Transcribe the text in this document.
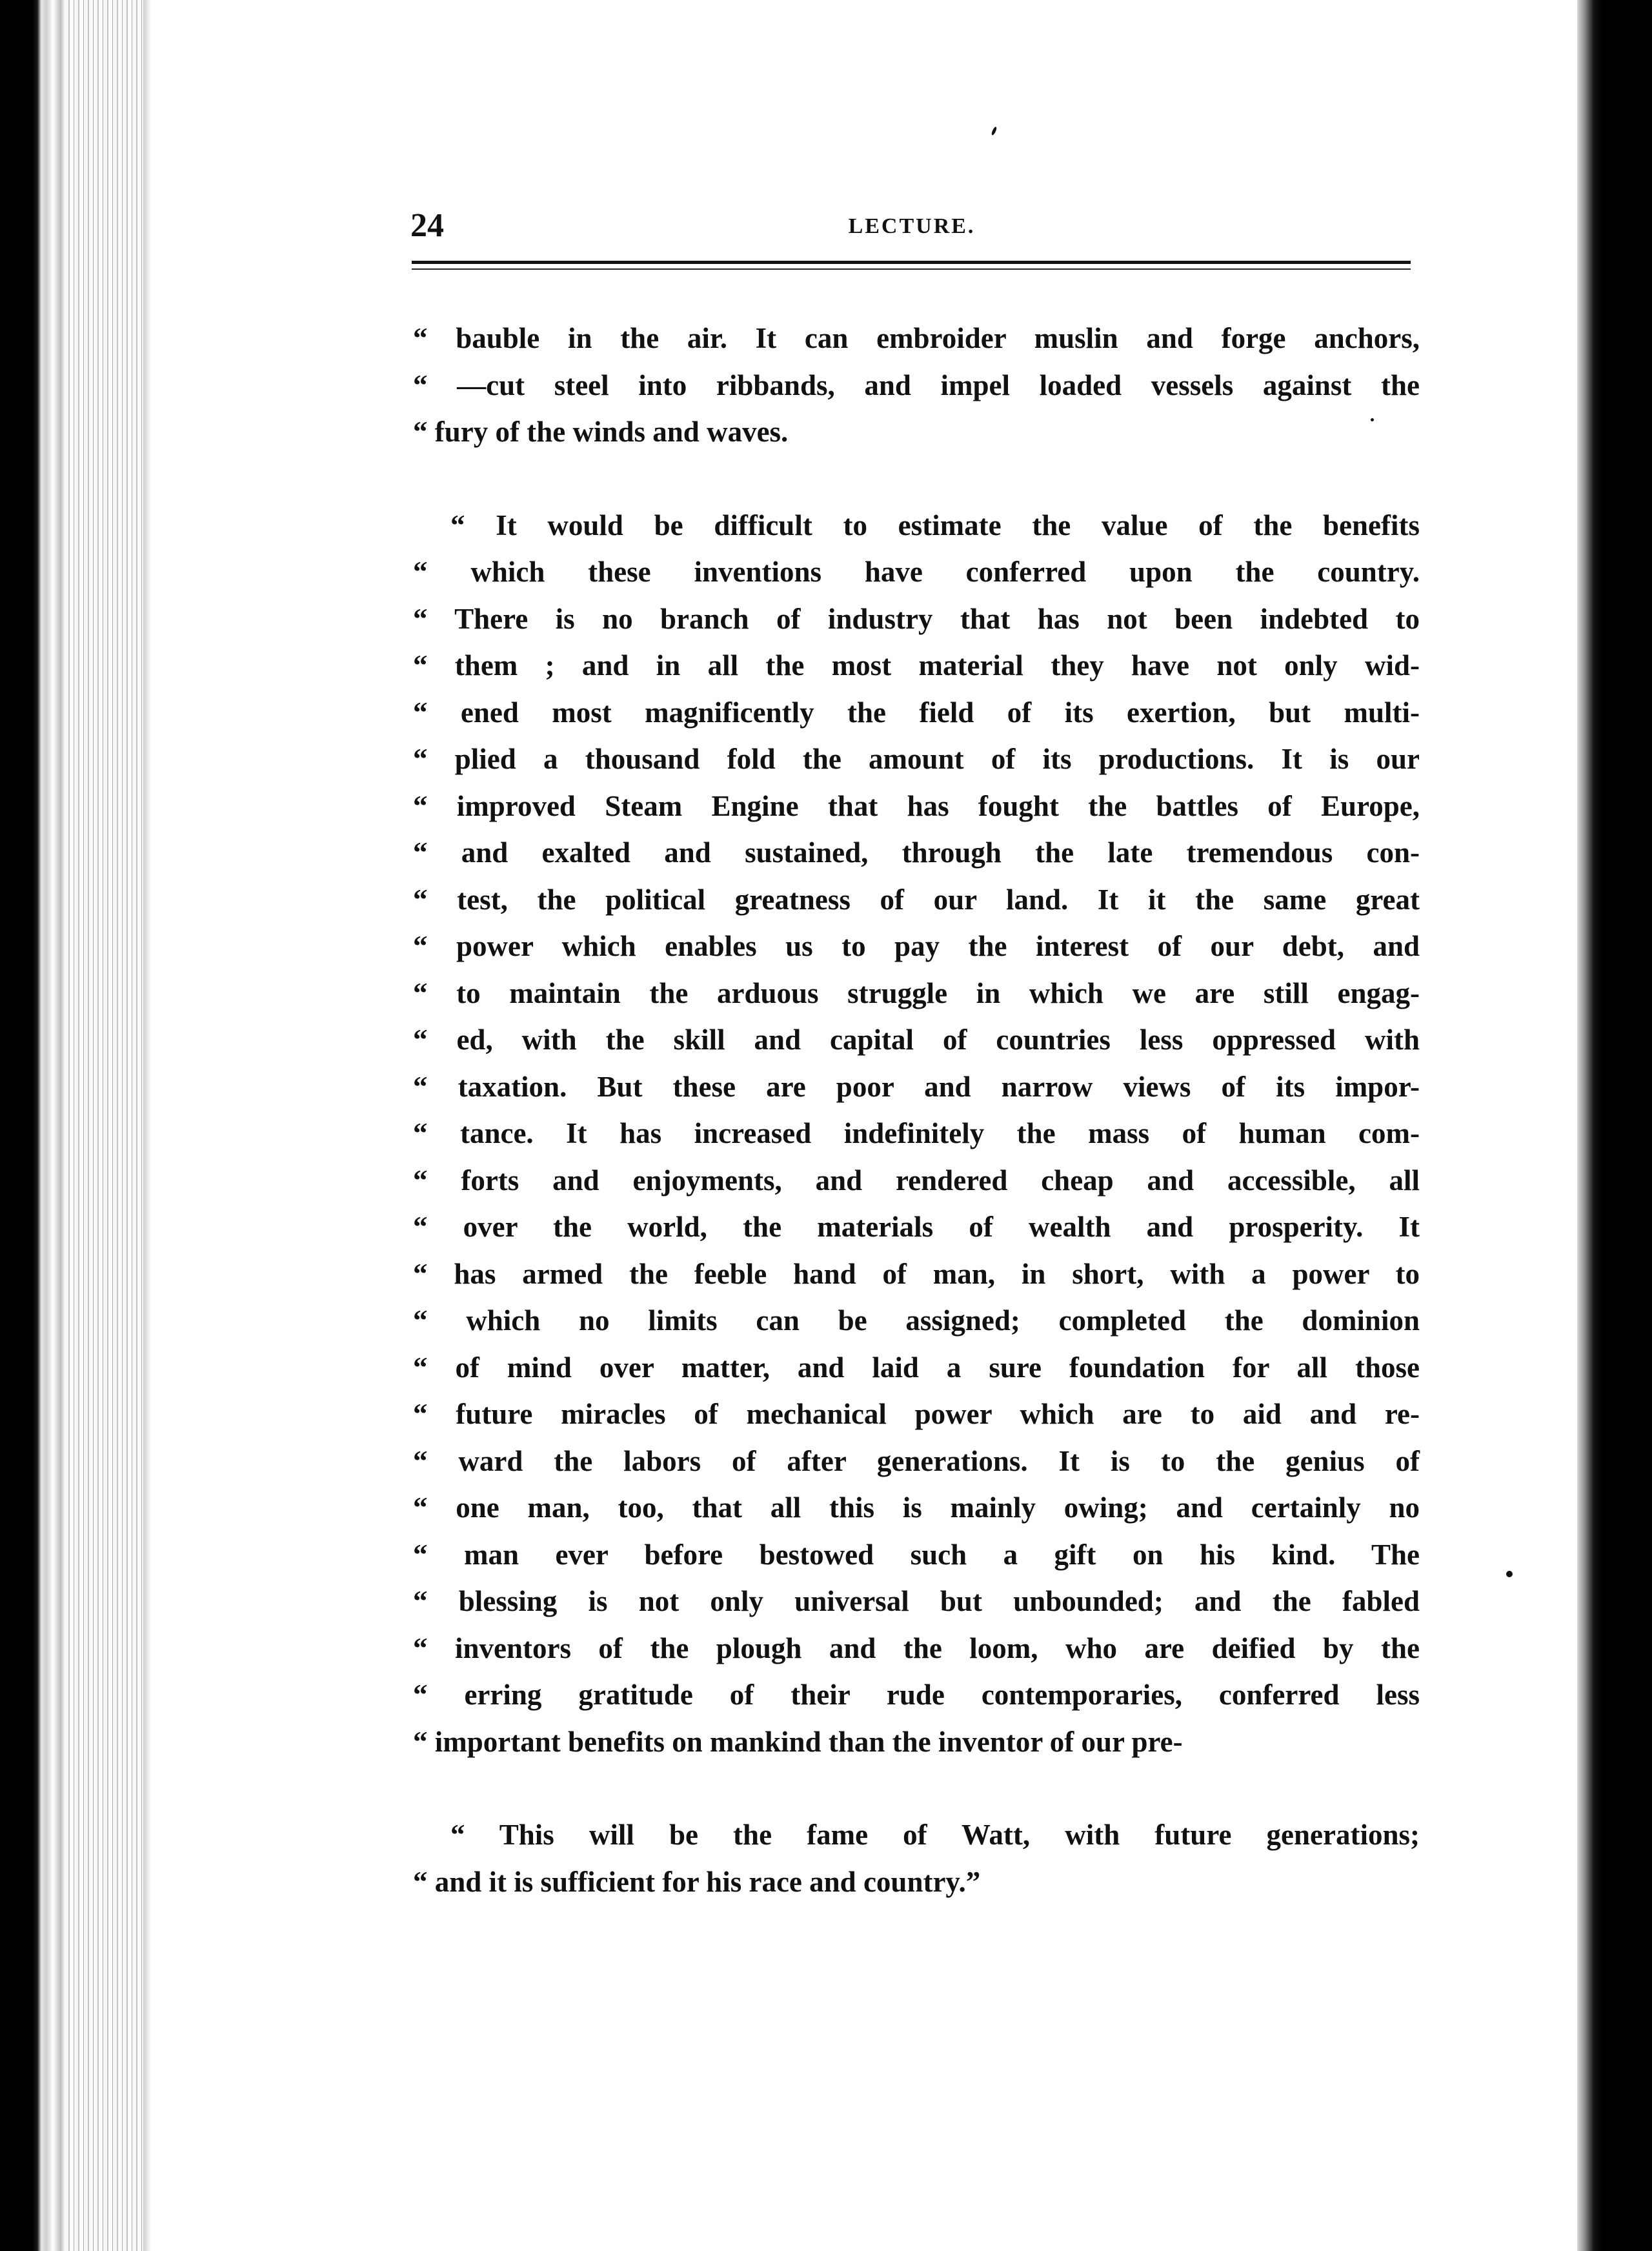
24	LECTURE.
“ bauble in the air. It can embroider muslin and forge anchors,
“ —cut steel into ribbands, and impel loaded vessels against the
“ fury of the winds and waves.
“ It would be difficult to estimate the value of the benefits
“ which these inventions have conferred upon the country.
“ There is no branch of industry that has not been indebted to
“ them ; and in all the most material they have not only wid-
“ ened most magnificently the field of its exertion, but multi-
“ plied a thousand fold the amount of its productions. It is our
“ improved Steam Engine that has fought the battles of Europe,
“ and exalted and sustained, through the late tremendous con-
“ test, the political greatness of our land. It it the same great
“ power which enables us to pay the interest of our debt, and
“ to maintain the arduous struggle in which we are still engag-
“ ed, with the skill and capital of countries less oppressed with
“ taxation. But these are poor and narrow views of its impor-
“ tance. It has increased indefinitely the mass of human com-
“ forts and enjoyments, and rendered cheap and accessible, all
“ over the world, the materials of wealth and prosperity. It
“ has armed the feeble hand of man, in short, with a power to
“ which no limits can be assigned; completed the dominion
“ of mind over matter, and laid a sure foundation for all those
“ future miracles of mechanical power which are to aid and re-
“ ward the labors of after generations. It is to the genius of
“ one man, too, that all this is mainly owing; and certainly no
“ man ever before bestowed such a gift on his kind. The
“ blessing is not only universal but unbounded; and the fabled
“ inventors of the plough and the loom, who are deified by the
“ erring gratitude of their rude contemporaries, conferred less
“ important benefits on mankind than the inventor of our pre-
“ This will be the fame of Watt, with future generations;
“ and it is sufficient for his race and country.”
